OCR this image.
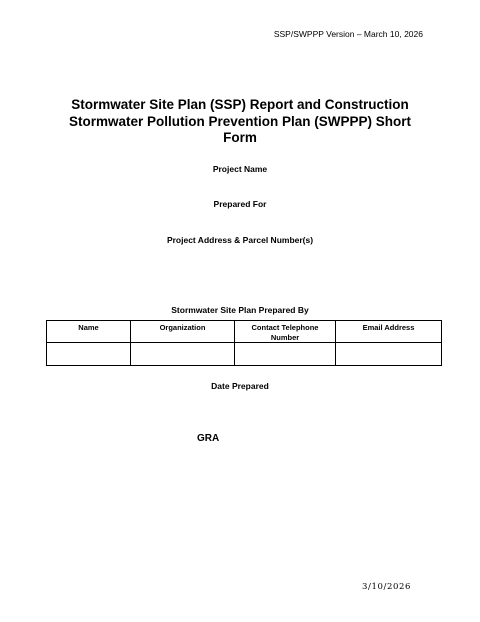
SSP/SWPPP Version – March 10, 2026
Stormwater Site Plan (SSP) Report and Construction
Stormwater Pollution Prevention Plan (SWPPP) Short
Form
Project Name
Prepared For
Project Address & Parcel Number(s)
Stormwater Site Plan Prepared By
Name	Organization	Contact Telephone Number	Email Address

Date Prepared
GRA
3/10/2026
